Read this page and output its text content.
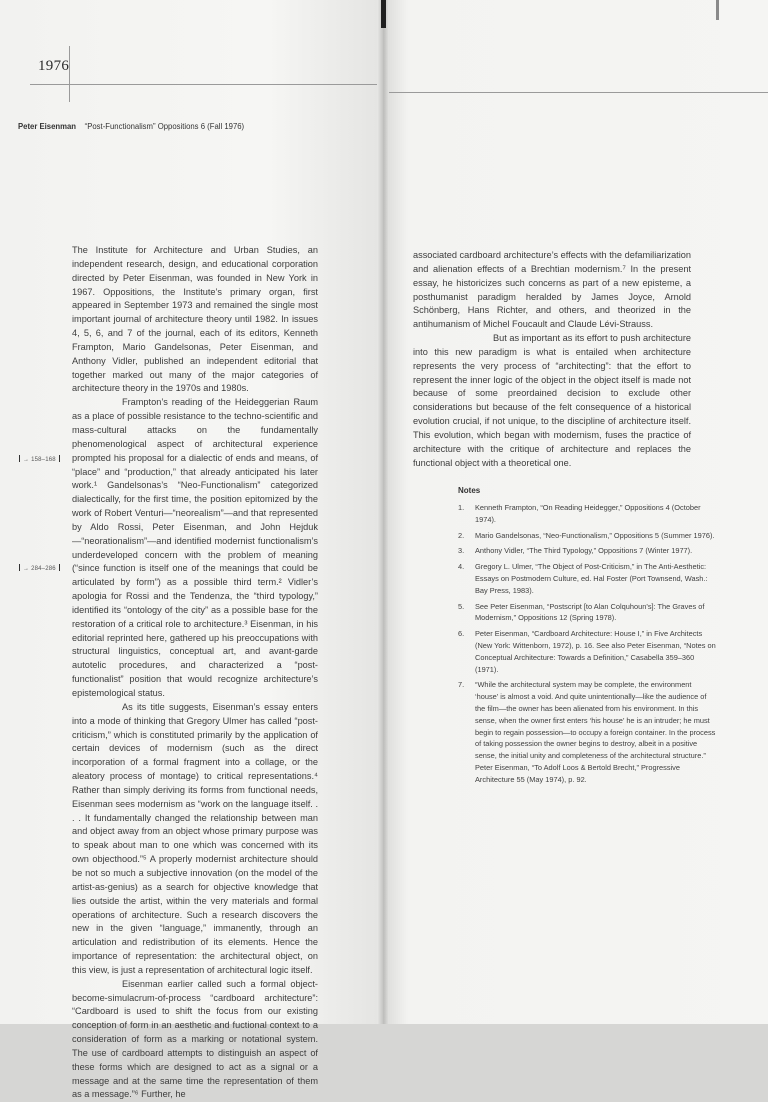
1976
Peter Eisenman “Post-Functionalism” Oppositions 6 (Fall 1976)
→ 158–168
→ 284–286

The Institute for Architecture and Urban Studies, an independent research, design, and educational corporation directed by Peter Eisenman, was founded in New York in 1967. Oppositions, the Institute’s primary organ, first appeared in September 1973 and remained the single most important journal of architecture theory until 1982. In issues 4, 5, 6, and 7 of the journal, each of its editors, Kenneth Frampton, Mario Gandelsonas, Peter Eisenman, and Anthony Vidler, published an independent editorial that together marked out many of the major categories of architecture theory in the 1970s and 1980s.

Frampton’s reading of the Heideggerian Raum as a place of possible resistance to the techno-scientific and mass-cultural attacks on the fundamentally phenomenological aspect of architectural experience prompted his proposal for a dialectic of ends and means, of “place” and “production,” that already anticipated his later work.¹ Gandelsonas’s “Neo-Functionalism” categorized dialectically, for the first time, the position epitomized by the work of Robert Venturi—“neorealism”—and that represented by Aldo Rossi, Peter Eisenman, and John Hejduk—“neorationalism”—and identified modernist functionalism’s underdeveloped concern with the problem of meaning (“since function is itself one of the meanings that could be articulated by form”) as a possible third term.² Vidler’s apologia for Rossi and the Tendenza, the “third typology,” identified its “ontology of the city” as a possible base for the restoration of a critical role to architecture.³ Eisenman, in his editorial reprinted here, gathered up his preoccupations with structural linguistics, conceptual art, and avant-garde autotelic procedures, and characterized a “post-functionalist” position that would recognize architecture’s epistemological status.

As its title suggests, Eisenman’s essay enters into a mode of thinking that Gregory Ulmer has called “post-criticism,” which is constituted primarily by the application of certain devices of modernism (such as the direct incorporation of a formal fragment into a collage, or the aleatory process of montage) to critical representations.⁴ Rather than simply deriving its forms from functional needs, Eisenman sees modernism as “work on the language itself. . . . It fundamentally changed the relationship between man and object away from an object whose primary purpose was to speak about man to one which was concerned with its own objecthood.”⁵ A properly modernist architecture should be not so much a subjective innovation (on the model of the artist-as-genius) as a search for objective knowledge that lies outside the artist, within the very materials and formal operations of architecture. Such a research discovers the new in the given “language,” immanently, through an articulation and redistribution of its elements. Hence the importance of representation: the architectural object, on this view, is just a representation of architectural logic itself.

Eisenman earlier called such a formal object-become-simulacrum-of-process “cardboard architecture”: “Cardboard is used to shift the focus from our existing conception of form in an aesthetic and fuctional context to a consideration of form as a marking or notational system. The use of cardboard attempts to distinguish an aspect of these forms which are designed to act as a signal or a message and at the same time the representation of them as a message.”⁶ Further, he

associated cardboard architecture’s effects with the defamiliarization and alienation effects of a Brechtian modernism.⁷ In the present essay, he historicizes such concerns as part of a new episteme, a posthumanist paradigm heralded by James Joyce, Arnold Schönberg, Hans Richter, and others, and theorized in the antihumanism of Michel Foucault and Claude Lévi-Strauss.

But as important as its effort to push architecture into this new paradigm is what is entailed when architecture represents the very process of “architecting”: that the effort to represent the inner logic of the object in the object itself is made not because of some preordained decision to exclude other considerations but because of the felt consequence of a historical evolution crucial, if not unique, to the discipline of architecture itself. This evolution, which began with modernism, fuses the practice of architecture with the critique of architecture and replaces the functional object with a theoretical one.

Notes
1. Kenneth Frampton, “On Reading Heidegger,” Oppositions 4 (October 1974).
2. Mario Gandelsonas, “Neo-Functionalism,” Oppositions 5 (Summer 1976).
3. Anthony Vidler, “The Third Typology,” Oppositions 7 (Winter 1977).
4. Gregory L. Ulmer, “The Object of Post-Criticism,” in The Anti-Aesthetic: Essays on Postmodern Culture, ed. Hal Foster (Port Townsend, Wash.: Bay Press, 1983).
5. See Peter Eisenman, “Postscript [to Alan Colquhoun’s]: The Graves of Modernism,” Oppositions 12 (Spring 1978).
6. Peter Eisenman, “Cardboard Architecture: House I,” in Five Architects (New York: Wittenborn, 1972), p. 16. See also Peter Eisenman, “Notes on Conceptual Architecture: Towards a Definition,” Casabella 359–360 (1971).
7. “While the architectural system may be complete, the environment ‘house’ is almost a void. And quite unintentionally—like the audience of the film—the owner has been alienated from his environment. In this sense, when the owner first enters ‘his house’ he is an intruder; he must begin to regain possession—to occupy a foreign container. In the process of taking possession the owner begins to destroy, albeit in a positive sense, the initial unity and completeness of the architectural structure.” Peter Eisenman, “To Adolf Loos & Bertold Brecht,” Progressive Architecture 55 (May 1974), p. 92.
